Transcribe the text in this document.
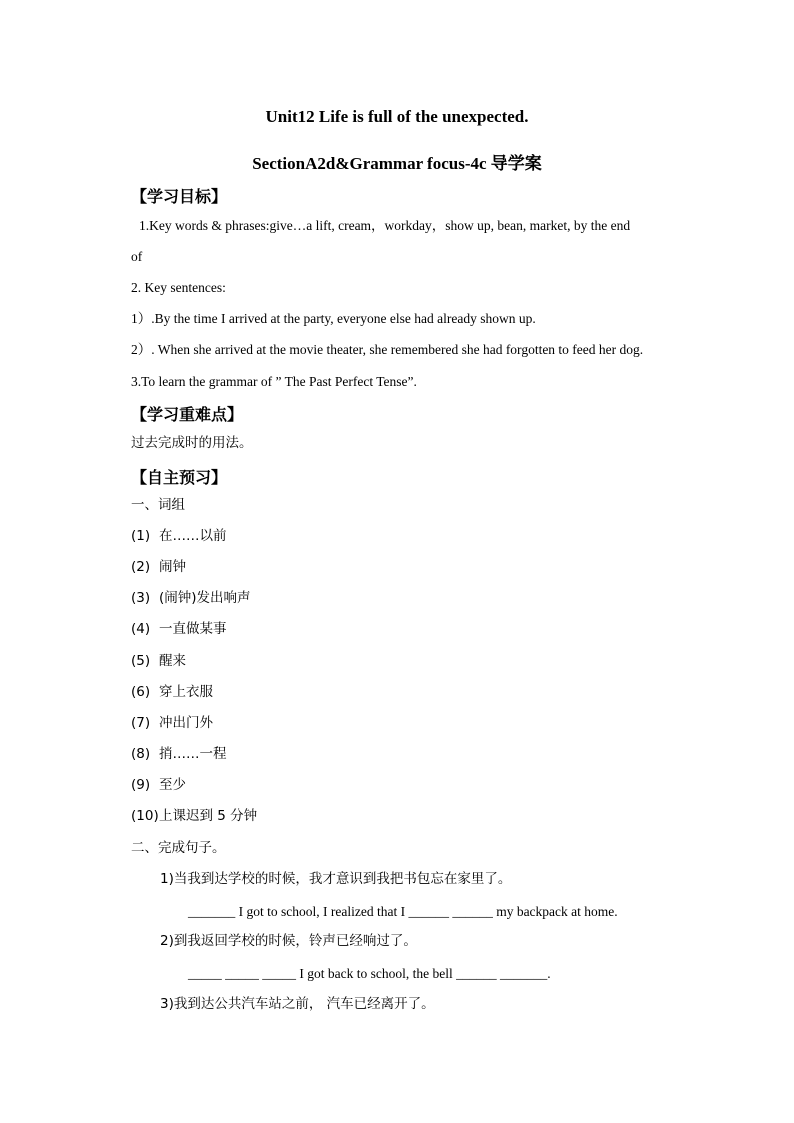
Unit12 Life is full of the unexpected.
SectionA2d&Grammar focus-4c 导学案
【学习目标】
1.Key words & phrases:give…a lift, cream，workday，show up, bean, market, by the end
of
2. Key sentences:
1）.By the time I arrived at the party, everyone else had already shown up.
2）. When she arrived at the movie theater, she remembered she had forgotten to feed her dog.
3.To learn the grammar of ” The Past Perfect Tense”.
【学习重难点】
过去完成时的用法。
【自主预习】
一、词组
(1) 在……以前
(2) 闹钟
(3) (闹钟)发出响声
(4) 一直做某事
(5) 醒来
(6) 穿上衣服
(7) 冲出门外
(8) 捎……一程
(9) 至少
(10)上课迟到 5 分钟
二、完成句子。
1)当我到达学校的时候，我才意识到我把书包忘在家里了。
_______ I got to school, I realized that I ______ ______ my backpack at home.
2)到我返回学校的时候，铃声已经响过了。
_____ _____ _____ I got back to school, the bell ______ _______.
3)我到达公共汽车站之前， 汽车已经离开了。
